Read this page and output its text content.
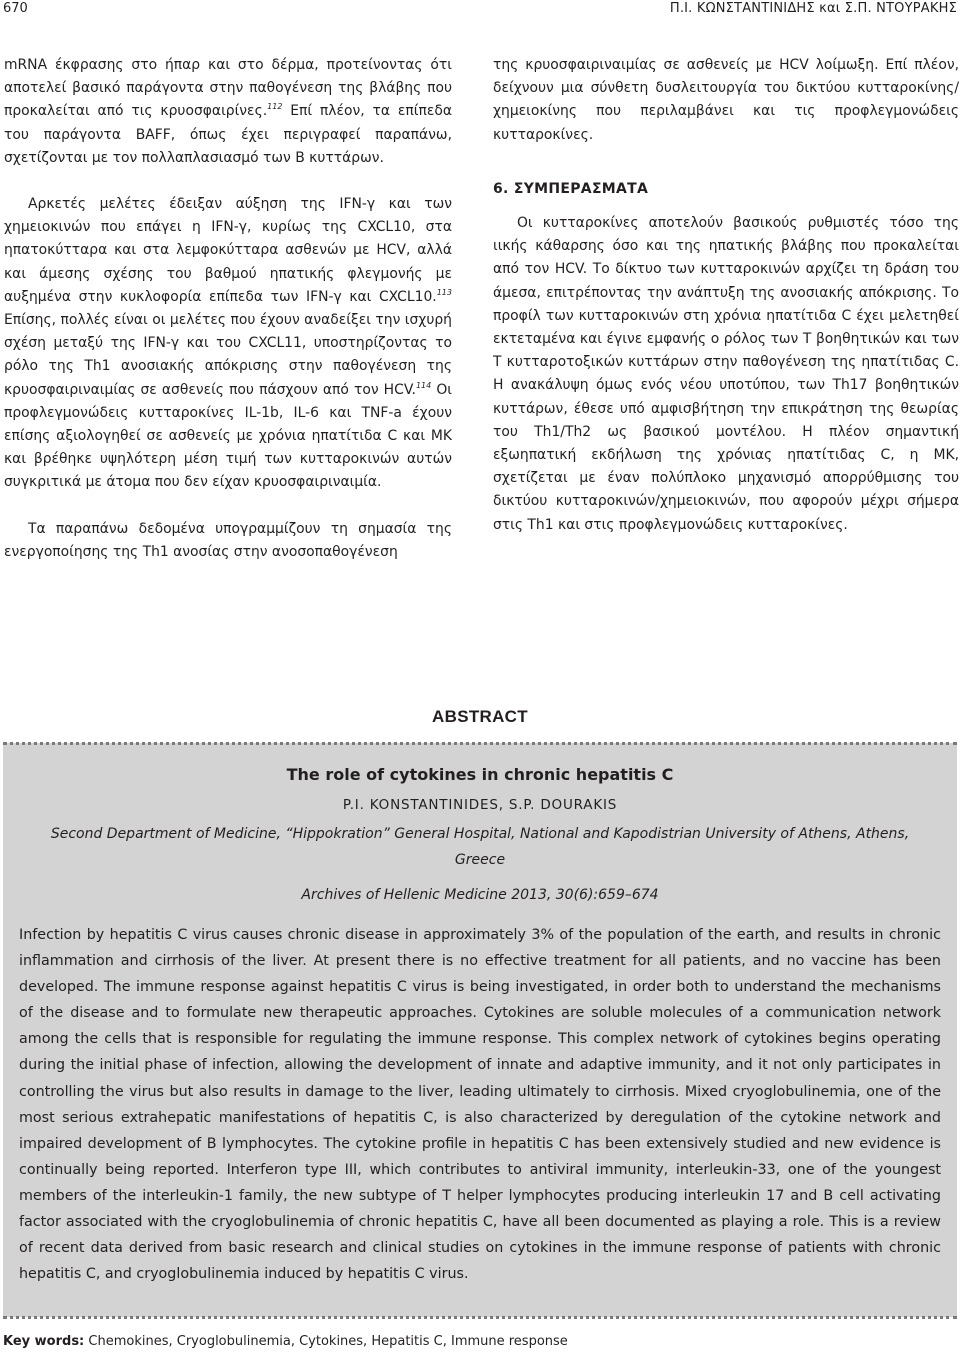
670	Π.Ι. ΚΩΝΣΤΑΝΤΙΝΙΔΗΣ και Σ.Π. ΝΤΟΥΡΑΚΗΣ

mRNA έκφρασης στο ήπαρ και στο δέρμα, προτείνοντας ότι αποτελεί βασικό παράγοντα στην παθογένεση της βλάβης που προκαλείται από τις κρυοσφαιρίνες.$^{112}$ Επί πλέον, τα επίπεδα του παράγοντα BAFF, όπως έχει περιγραφεί παραπάνω, σχετίζονται με τον πολλαπλασιασμό των B κυττάρων.

Αρκετές μελέτες έδειξαν αύξηση της IFN-γ και των χημειοκινών που επάγει η IFN-γ, κυρίως της CXCL10, στα ηπατοκύτταρα και στα λεμφοκύτταρα ασθενών με HCV, αλλά και άμεσης σχέσης του βαθμού ηπατικής φλεγμονής με αυξημένα στην κυκλοφορία επίπεδα των IFN-γ και CXCL10.$^{113}$ Επίσης, πολλές είναι οι μελέτες που έχουν αναδείξει την ισχυρή σχέση μεταξύ της IFN-γ και του CXCL11, υποστηρίζοντας το ρόλο της Th1 ανοσιακής απόκρισης στην παθογένεση της κρυοσφαιριναιμίας σε ασθενείς που πάσχουν από τον HCV.$^{114}$ Οι προφλεγμονώδεις κυτταροκίνες IL-1b, IL-6 και TNF-a έχουν επίσης αξιολογηθεί σε ασθενείς με χρόνια ηπατίτιδα C και MK και βρέθηκε υψηλότερη μέση τιμή των κυτταροκινών αυτών συγκριτικά με άτομα που δεν είχαν κρυοσφαιριναιμία.

Τα παραπάνω δεδομένα υπογραμμίζουν τη σημασία της ενεργοποίησης της Th1 ανοσίας στην ανοσοπαθογένεση

της κρυοσφαιριναιμίας σε ασθενείς με HCV λοίμωξη. Επί πλέον, δείχνουν μια σύνθετη δυσλειτουργία του δικτύου κυτταροκίνης/χημειοκίνης που περιλαμβάνει και τις προφλεγμονώδεις κυτταροκίνες.

6. ΣΥΜΠΕΡΑΣΜΑΤΑ

Οι κυτταροκίνες αποτελούν βασικούς ρυθμιστές τόσο της ιικής κάθαρσης όσο και της ηπατικής βλάβης που προκαλείται από τον HCV. Το δίκτυο των κυτταροκινών αρχίζει τη δράση του άμεσα, επιτρέποντας την ανάπτυξη της ανοσιακής απόκρισης. Το προφίλ των κυτταροκινών στη χρόνια ηπατίτιδα C έχει μελετηθεί εκτεταμένα και έγινε εμφανής ο ρόλος των Τ βοηθητικών και των Τ κυτταροτοξικών κυττάρων στην παθογένεση της ηπατίτιδας C. Η ανακάλυψη όμως ενός νέου υποτύπου, των Th17 βοηθητικών κυττάρων, έθεσε υπό αμφισβήτηση την επικράτηση της θεωρίας του Th1/Th2 ως βασικού μοντέλου. Η πλέον σημαντική εξωηπατική εκδήλωση της χρόνιας ηπατίτιδας C, η ΜΚ, σχετίζεται με έναν πολύπλοκο μηχανισμό απορρύθμισης του δικτύου κυτταροκινών/χημειοκινών, που αφορούν μέχρι σήμερα στις Th1 και στις προφλεγμονώδεις κυτταροκίνες.

ABSTRACT
The role of cytokines in chronic hepatitis C
P.I. KONSTANTINIDES, S.P. DOURAKIS
Second Department of Medicine, “Hippokration” General Hospital, National and Kapodistrian University of Athens, Athens, Greece
Archives of Hellenic Medicine 2013, 30(6):659–674

Infection by hepatitis C virus causes chronic disease in approximately 3% of the population of the earth, and results in chronic inflammation and cirrhosis of the liver. At present there is no effective treatment for all patients, and no vaccine has been developed. The immune response against hepatitis C virus is being investigated, in order both to understand the mechanisms of the disease and to formulate new therapeutic approaches. Cytokines are soluble molecules of a communication network among the cells that is responsible for regulating the immune response. This complex network of cytokines begins operating during the initial phase of infection, allowing the development of innate and adaptive immunity, and it not only participates in controlling the virus but also results in damage to the liver, leading ultimately to cirrhosis. Mixed cryoglobulinemia, one of the most serious extrahepatic manifestations of hepatitis C, is also characterized by deregulation of the cytokine network and impaired development of B lymphocytes. The cytokine profile in hepatitis C has been extensively studied and new evidence is continually being reported. Interferon type III, which contributes to antiviral immunity, interleukin-33, one of the youngest members of the interleukin-1 family, the new subtype of T helper lymphocytes producing interleukin 17 and B cell activating factor associated with the cryoglobulinemia of chronic hepatitis C, have all been documented as playing a role. This is a review of recent data derived from basic research and clinical studies on cytokines in the immune response of patients with chronic hepatitis C, and cryoglobulinemia induced by hepatitis C virus.

Key words: Chemokines, Cryoglobulinemia, Cytokines, Hepatitis C, Immune response
